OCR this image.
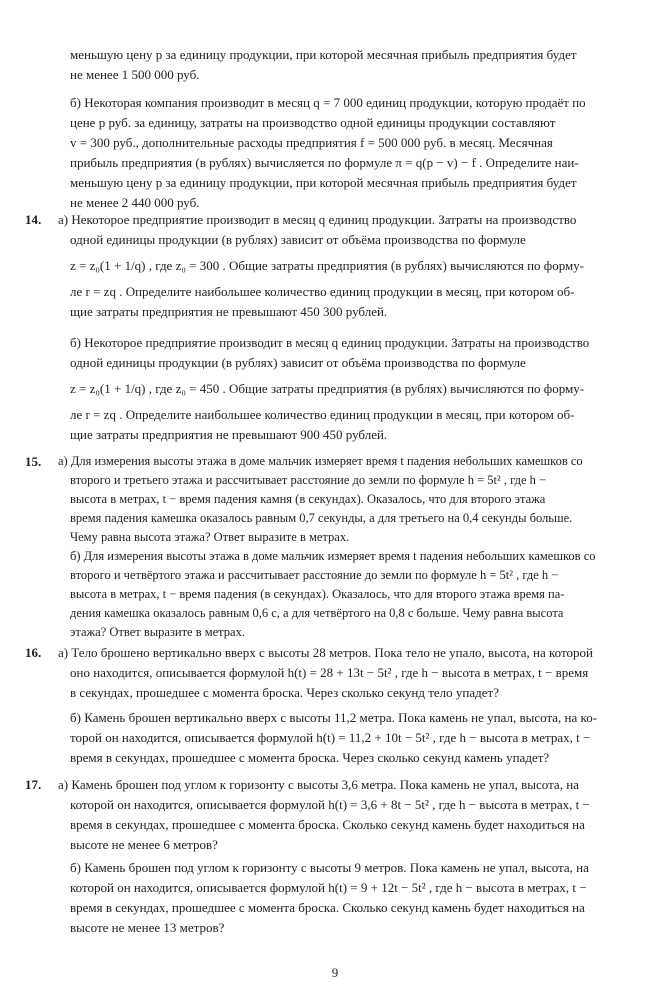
меньшую цену p за единицу продукции, при которой месячная прибыль предприятия будет
не менее 1 500 000 руб.
б) Некоторая компания производит в месяц q = 7 000 единиц продукции, которую продаёт по
цене p руб. за единицу, затраты на производство одной единицы продукции составляют
v = 300 руб., дополнительные расходы предприятия f = 500 000 руб. в месяц. Месячная
прибыль предприятия (в рублях) вычисляется по формуле π = q(p − v) − f . Определите наи-
меньшую цену p за единицу продукции, при которой месячная прибыль предприятия будет
не менее 2 440 000 руб.
14. а) Некоторое предприятие производит в месяц q единиц продукции. Затраты на производство
одной единицы продукции (в рублях) зависит от объёма производства по формуле
z = z₀(1 + 1/q) , где z₀ = 300 . Общие затраты предприятия (в рублях) вычисляются по форму-
ле r = zq . Определите наибольшее количество единиц продукции в месяц, при котором об-
щие затраты предприятия не превышают 450 300 рублей.
б) Некоторое предприятие производит в месяц q единиц продукции. Затраты на производство
одной единицы продукции (в рублях) зависит от объёма производства по формуле
z = z₀(1 + 1/q) , где z₀ = 450 . Общие затраты предприятия (в рублях) вычисляются по форму-
ле r = zq . Определите наибольшее количество единиц продукции в месяц, при котором об-
щие затраты предприятия не превышают 900 450 рублей.
15. а) Для измерения высоты этажа в доме мальчик измеряет время t падения небольших камешков со
второго и третьего этажа и рассчитывает расстояние до земли по формуле h = 5t² , где h −
высота в метрах, t − время падения камня (в секундах). Оказалось, что для второго этажа
время падения камешка оказалось равным 0,7 секунды, а для третьего на 0,4 секунды больше.
Чему равна высота этажа? Ответ выразите в метрах.
б) Для измерения высоты этажа в доме мальчик измеряет время t падения небольших камешков со
второго и четвёртого этажа и рассчитывает расстояние до земли по формуле h = 5t² , где h −
высота в метрах, t − время падения (в секундах). Оказалось, что для второго этажа время па-
дения камешка оказалось равным 0,6 с, а для четвёртого на 0,8 с больше. Чему равна высота
этажа? Ответ выразите в метрах.
16. а) Тело брошено вертикально вверх с высоты 28 метров. Пока тело не упало, высота, на которой
оно находится, описывается формулой h(t) = 28 + 13t − 5t² , где h − высота в метрах, t − время
в секундах, прошедшее с момента броска. Через сколько секунд тело упадет?
б) Камень брошен вертикально вверх с высоты 11,2 метра. Пока камень не упал, высота, на ко-
торой он находится, описывается формулой h(t) = 11,2 + 10t − 5t² , где h − высота в метрах, t −
время в секундах, прошедшее с момента броска. Через сколько секунд камень упадет?
17. а) Камень брошен под углом к горизонту с высоты 3,6 метра. Пока камень не упал, высота, на
которой он находится, описывается формулой h(t) = 3,6 + 8t − 5t² , где h − высота в метрах, t −
время в секундах, прошедшее с момента броска. Сколько секунд камень будет находиться на
высоте не менее 6 метров?
б) Камень брошен под углом к горизонту с высоты 9 метров. Пока камень не упал, высота, на
которой он находится, описывается формулой h(t) = 9 + 12t − 5t² , где h − высота в метрах, t −
время в секундах, прошедшее с момента броска. Сколько секунд камень будет находиться на
высоте не менее 13 метров?
9
